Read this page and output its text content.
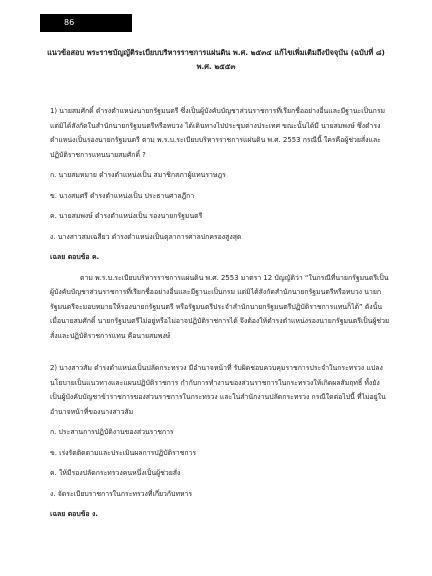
86
แนวข้อสอบ พระราชบัญญัติระเบียบบริหารราชการแผ่นดิน พ.ศ. ๒๕๓๔ แก้ไขเพิ่มเติมถึงปัจจุบัน (ฉบับที่ ๘) พ.ศ. ๒๕๕๓

1) นายสมศักดิ์ ดำรงตำแหน่งนายกรัฐมนตรี ซึ่งเป็นผู้บังคับบัญชาส่วนราชการที่เรียกชื่ออย่างอื่นและมีฐานะเป็นกรม แต่มิได้สังกัดในสำนักนายกรัฐมนตรีหรือทบวง ได้เดินทางไปประชุมต่างประเทศ ขณะนั้นได้มี นายสมพงษ์ ซึ่งดำรงตำแหน่งเป็นรองนายกรัฐมนตรี ตาม พ.ร.บ.ระเบียบบริหารราชการแผ่นดิน พ.ศ. 2553 กรณีนี้ ใครคือผู้ช่วยสั่งและปฏิบัติราชการแทนนายสมศักดิ์ ?

ก. นายสมหมาย ดำรงตำแหน่งเป็น สมาชิกสภาผู้แทนราษฎร

ข. นางสมศรี ดำรงตำแหน่งเป็น ประธานศาลฎีกา

ค. นายสมพงษ์ ดำรงตำแหน่งเป็น รองนายกรัฐมนตรี

ง. นางสาวสมเฉลียว ดำรงตำแหน่งเป็นตุลาการศาลปกครองสูงสุด

เฉลย ตอบข้อ ค.

ตาม พ.ร.บ.ระเบียบบริหารราชการแผ่นดิน พ.ศ. 2553 มาตรา 12 บัญญัติว่า “ในกรณีที่นายกรัฐมนตรีเป็นผู้บังคับบัญชาส่วนราชการที่เรียกชื่ออย่างอื่นและมีฐานะเป็นกรม แต่มิได้สังกัดสำนักนายกรัฐมนตรีหรือทบวง นายกรัฐมนตรีจะมอบหมายให้รองนายกรัฐมนตรี หรือรัฐมนตรีประจำสำนักนายกรัฐมนตรีปฏิบัติราชการแทนก็ได้” ดังนั้น เมื่อนายสมศักดิ์ นายกรัฐมนตรีไม่อยู่หรือไม่อาจปฏิบัติราชการได้ จึงต้องให้ดำรงตำแหน่งรองนายกรัฐมนตรีเป็นผู้ช่วยสั่งและปฏิบัติราชการแทน คือนายสมพงษ์

2) นางสาวสัม ดำรงตำแหน่งเป็นปลัดกระทรวง มีอำนาจหน้าที่ รับผิดชอบควบคุมราชการประจำในกระทรวง แปลงนโยบายเป็นแนวทางและแผนปฏิบัติราชการ กำกับการทำงานของส่วนราชการในกระทรวงให้เกิดผลสัมฤทธิ์ ทั้งยังเป็นผู้บังคับบัญชาข้าราชการของส่วนราชการในกระทรวง และในสำนักงานปลัดกระทรวง กรณีใดต่อไปนี้ ที่ไม่อยู่ในอำนาจหน้าที่ของนางสาวสัม

ก. ประสานการปฏิบัติงานของส่วนราชการ

ข. เร่งรัดติดตามและประเมินผลการปฏิบัติราชการ

ค. ให้มีรองปลัดกระทรวงคนหนึ่งเป็นผู้ช่วยสั่ง

ง. จัดระเบียบราชการในกระทรวงที่เกี่ยวกับทหาร

เฉลย ตอบข้อ ง.
